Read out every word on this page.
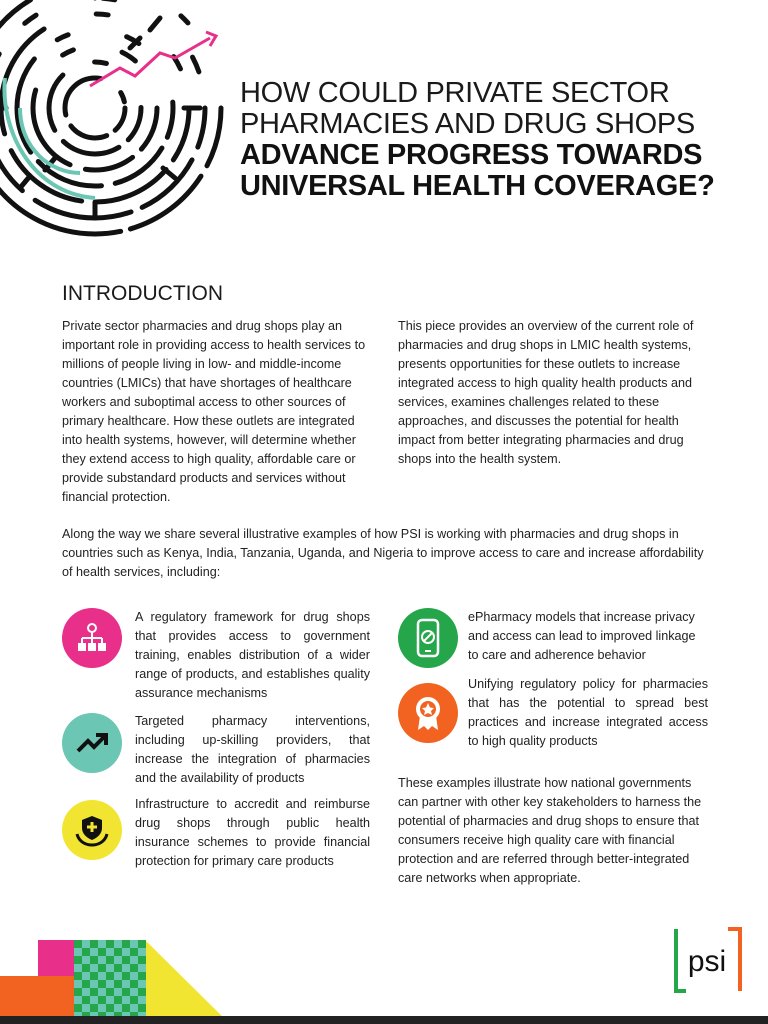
HOW COULD PRIVATE SECTOR
PHARMACIES AND DRUG SHOPS
ADVANCE PROGRESS TOWARDS
UNIVERSAL HEALTH COVERAGE?
INTRODUCTION
Private sector pharmacies and drug shops play an important role in providing access to health services to millions of people living in low- and middle-income countries (LMICs) that have shortages of healthcare workers and suboptimal access to other sources of primary healthcare. How these outlets are integrated into health systems, however, will determine whether they extend access to high quality, affordable care or provide substandard products and services without financial protection.
This piece provides an overview of the current role of pharmacies and drug shops in LMIC health systems, presents opportunities for these outlets to increase integrated access to high quality health products and services, examines challenges related to these approaches, and discusses the potential for health impact from better integrating pharmacies and drug shops into the health system.
Along the way we share several illustrative examples of how PSI is working with pharmacies and drug shops in countries such as Kenya, India, Tanzania, Uganda, and Nigeria to improve access to care and increase affordability of health services, including:
A regulatory framework for drug shops that provides access to government training, enables distribution of a wider range of products, and establishes quality assurance mechanisms
Targeted pharmacy interventions, including up-skilling providers, that increase the integration of pharmacies and the availability of products
Infrastructure to accredit and reimburse drug shops through public health insurance schemes to provide financial protection for primary care products
ePharmacy models that increase privacy and access can lead to improved linkage to care and adherence behavior
Unifying regulatory policy for pharmacies that has the potential to spread best practices and increase integrated access to high quality products
These examples illustrate how national governments can partner with other key stakeholders to harness the potential of pharmacies and drug shops to ensure that consumers receive high quality care with financial protection and are referred through better-integrated care networks when appropriate.
psi
